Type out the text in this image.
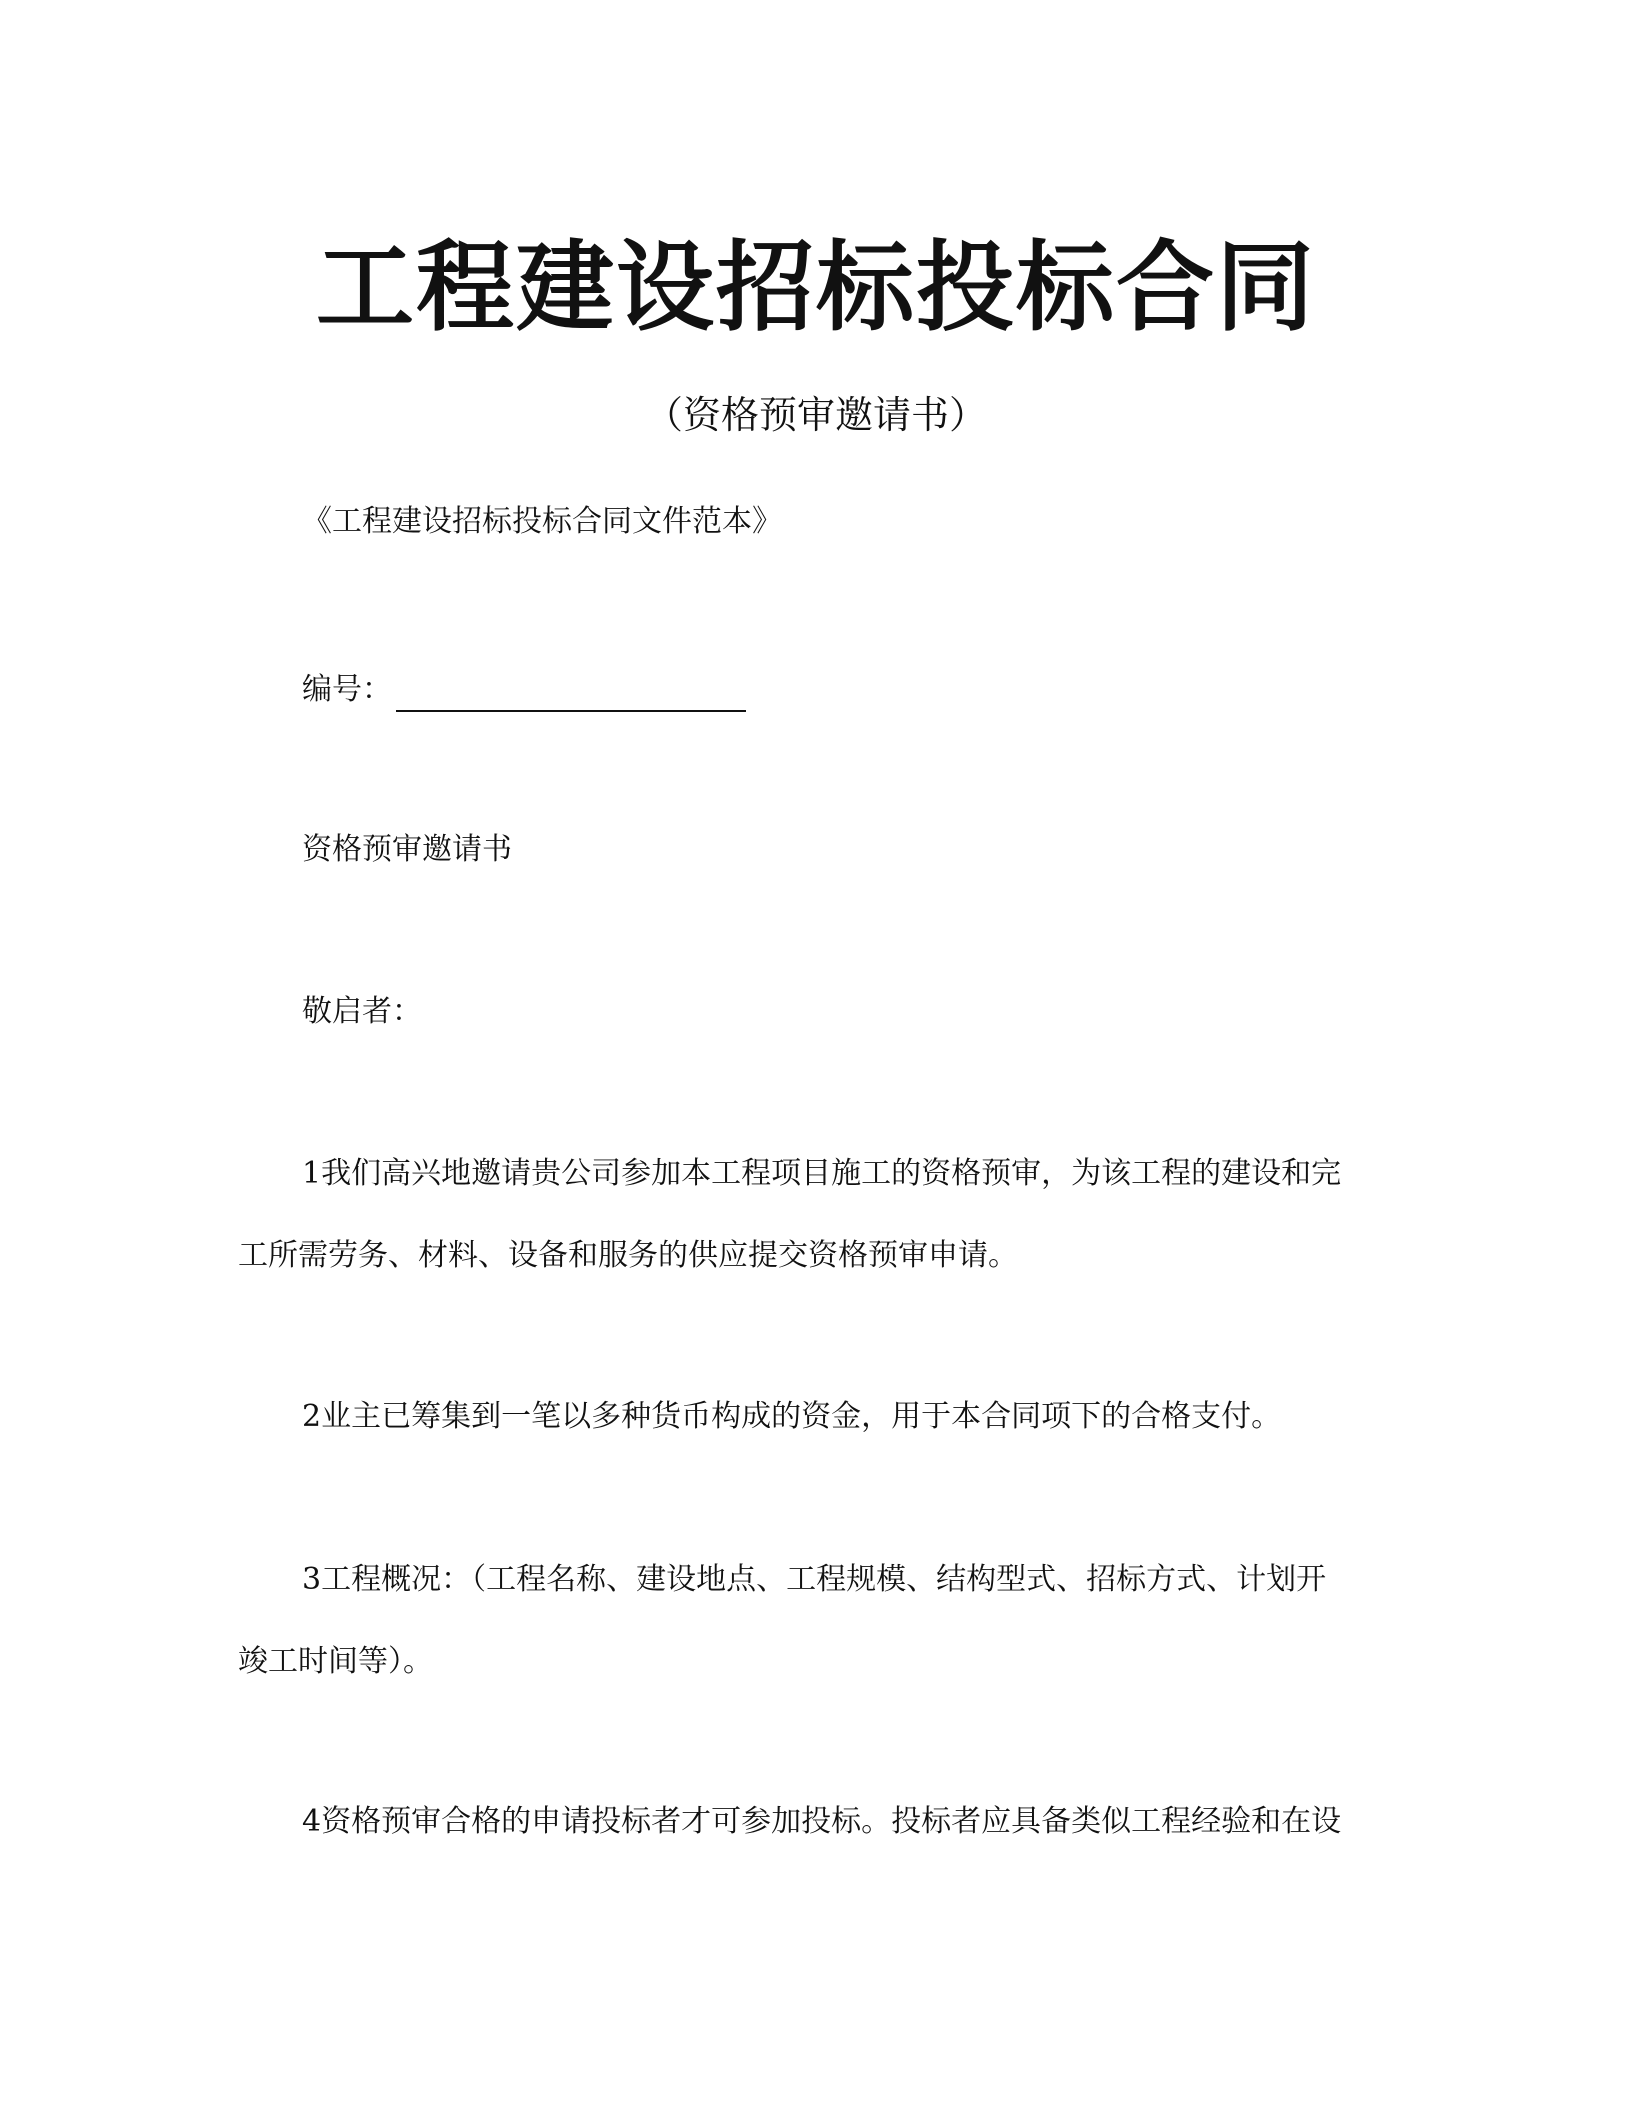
工程建设招标投标合同
（资格预审邀请书）
《工程建设招标投标合同文件范本》
编号：
资格预审邀请书
敬启者：
1我们高兴地邀请贵公司参加本工程项目施工的资格预审，为该工程的建设和完
工所需劳务、材料、设备和服务的供应提交资格预审申请。
2业主已筹集到一笔以多种货币构成的资金，用于本合同项下的合格支付。
3工程概况：（工程名称、建设地点、工程规模、结构型式、招标方式、计划开
竣工时间等）。
4资格预审合格的申请投标者才可参加投标。投标者应具备类似工程经验和在设
